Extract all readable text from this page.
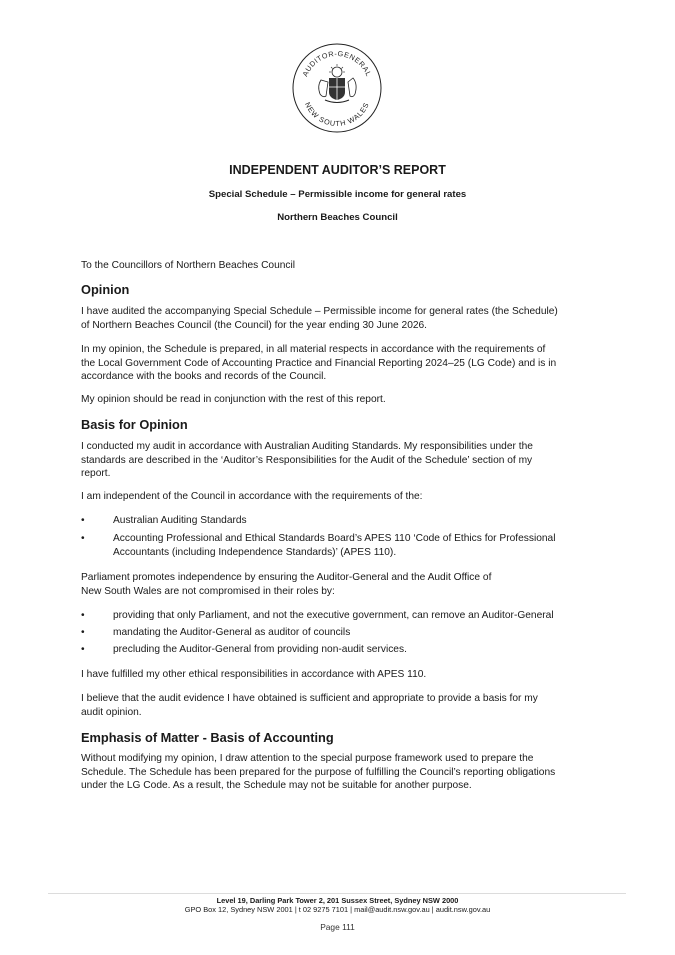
AUDITOR-GENERAL
NEW SOUTH WALES
INDEPENDENT AUDITOR’S REPORT
Special Schedule – Permissible income for general rates
Northern Beaches Council
To the Councillors of Northern Beaches Council
Opinion
I have audited the accompanying Special Schedule – Permissible income for general rates (the Schedule)
of Northern Beaches Council (the Council) for the year ending 30 June 2026.
In my opinion, the Schedule is prepared, in all material respects in accordance with the requirements of
the Local Government Code of Accounting Practice and Financial Reporting 2024–25 (LG Code) and is in
accordance with the books and records of the Council.
My opinion should be read in conjunction with the rest of this report.
Basis for Opinion
I conducted my audit in accordance with Australian Auditing Standards. My responsibilities under the
standards are described in the ‘Auditor’s Responsibilities for the Audit of the Schedule’ section of my
report.
I am independent of the Council in accordance with the requirements of the:
•	Australian Auditing Standards
•	Accounting Professional and Ethical Standards Board’s APES 110 ‘Code of Ethics for Professional
Accountants (including Independence Standards)’ (APES 110).
Parliament promotes independence by ensuring the Auditor-General and the Audit Office of
New South Wales are not compromised in their roles by:
•	providing that only Parliament, and not the executive government, can remove an Auditor-General
•	mandating the Auditor-General as auditor of councils
•	precluding the Auditor-General from providing non-audit services.
I have fulfilled my other ethical responsibilities in accordance with APES 110.
I believe that the audit evidence I have obtained is sufficient and appropriate to provide a basis for my
audit opinion.
Emphasis of Matter - Basis of Accounting
Without modifying my opinion, I draw attention to the special purpose framework used to prepare the
Schedule. The Schedule has been prepared for the purpose of fulfilling the Council’s reporting obligations
under the LG Code. As a result, the Schedule may not be suitable for another purpose.
Level 19, Darling Park Tower 2, 201 Sussex Street, Sydney NSW 2000
GPO Box 12, Sydney NSW 2001 | t 02 9275 7101 | mail@audit.nsw.gov.au | audit.nsw.gov.au
Page 111
